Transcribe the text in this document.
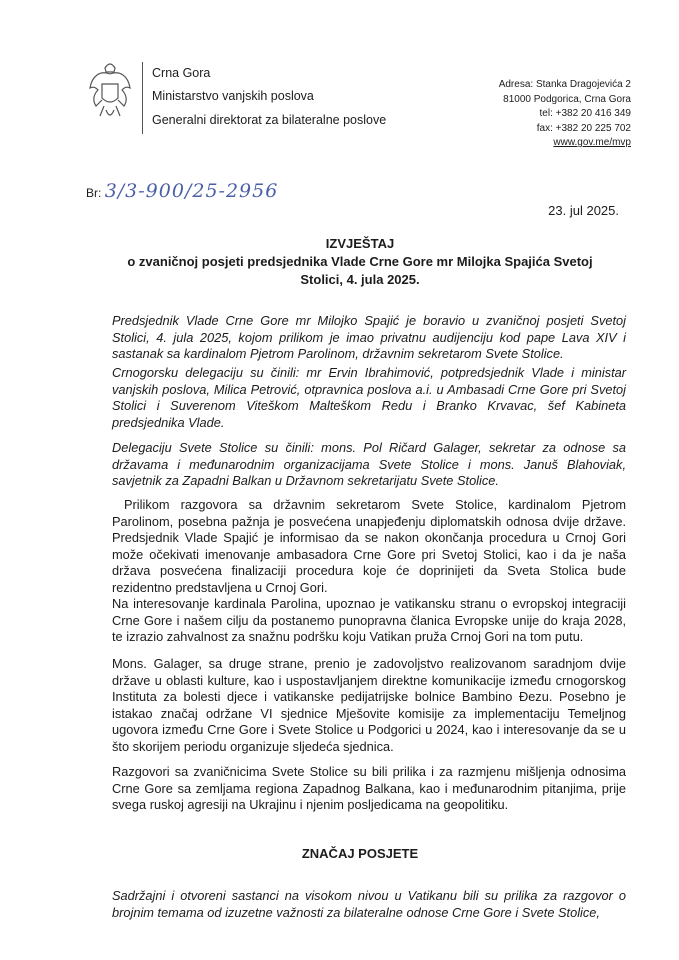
Crna Gora
Ministarstvo vanjskih poslova
Generalni direktorat za bilateralne poslove
Adresa: Stanka Dragojevića 2
81000 Podgorica, Crna Gora
tel: +382 20 416 349
fax: +382 20 225 702
www.gov.me/mvp
Br: 3/3-900/25-2956
23. jul 2025.
IZVJEŠTAJ
o zvaničnoj posjeti predsjednika Vlade Crne Gore mr Milojka Spajića Svetoj
Stolici, 4. jula 2025.
Predsjednik Vlade Crne Gore mr Milojko Spajić je boravio u zvaničnoj posjeti Svetoj Stolici, 4. jula 2025, kojom prilikom je imao privatnu audijenciju kod pape Lava XIV i sastanak sa kardinalom Pjetrom Parolinom, državnim sekretarom Svete Stolice.
Crnogorsku delegaciju su činili: mr Ervin Ibrahimović, potpredsjednik Vlade i ministar vanjskih poslova, Milica Petrović, otpravnica poslova a.i. u Ambasadi Crne Gore pri Svetoj Stolici i Suverenom Viteškom Malteškom Redu i Branko Krvavac, šef Kabineta predsjednika Vlade.
Delegaciju Svete Stolice su činili: mons. Pol Ričard Galager, sekretar za odnose sa državama i međunarodnim organizacijama Svete Stolice i mons. Januš Blahoviak, savjetnik za Zapadni Balkan u Državnom sekretarijatu Svete Stolice.
Prilikom razgovora sa državnim sekretarom Svete Stolice, kardinalom Pjetrom Parolinom, posebna pažnja je posvećena unapjeđenju diplomatskih odnosa dvije države. Predsjednik Vlade Spajić je informisao da se nakon okončanja procedura u Crnoj Gori može očekivati imenovanje ambasadora Crne Gore pri Svetoj Stolici, kao i da je naša država posvećena finalizaciji procedura koje će doprinijeti da Sveta Stolica bude rezidentno predstavljena u Crnoj Gori.
Na interesovanje kardinala Parolina, upoznao je vatikansku stranu o evropskoj integraciji Crne Gore i našem cilju da postanemo punopravna članica Evropske unije do kraja 2028, te izrazio zahvalnost za snažnu podršku koju Vatikan pruža Crnoj Gori na tom putu.
Mons. Galager, sa druge strane, prenio je zadovoljstvo realizovanom saradnjom dvije države u oblasti kulture, kao i uspostavljanjem direktne komunikacije između crnogorskog Instituta za bolesti djece i vatikanske pedijatrijske bolnice Bambino Đezu. Posebno je istakao značaj održane VI sjednice Mješovite komisije za implementaciju Temeljnog ugovora između Crne Gore i Svete Stolice u Podgorici u 2024, kao i interesovanje da se u što skorijem periodu organizuje sljedeća sjednica.
Razgovori sa zvaničnicima Svete Stolice su bili prilika i za razmjenu mišljenja odnosima Crne Gore sa zemljama regiona Zapadnog Balkana, kao i međunarodnim pitanjima, prije svega ruskoj agresiji na Ukrajinu i njenim posljedicama na geopolitiku.
ZNAČAJ POSJETE
Sadržajni i otvoreni sastanci na visokom nivou u Vatikanu bili su prilika za razgovor o brojnim temama od izuzetne važnosti za bilateralne odnose Crne Gore i Svete Stolice,
